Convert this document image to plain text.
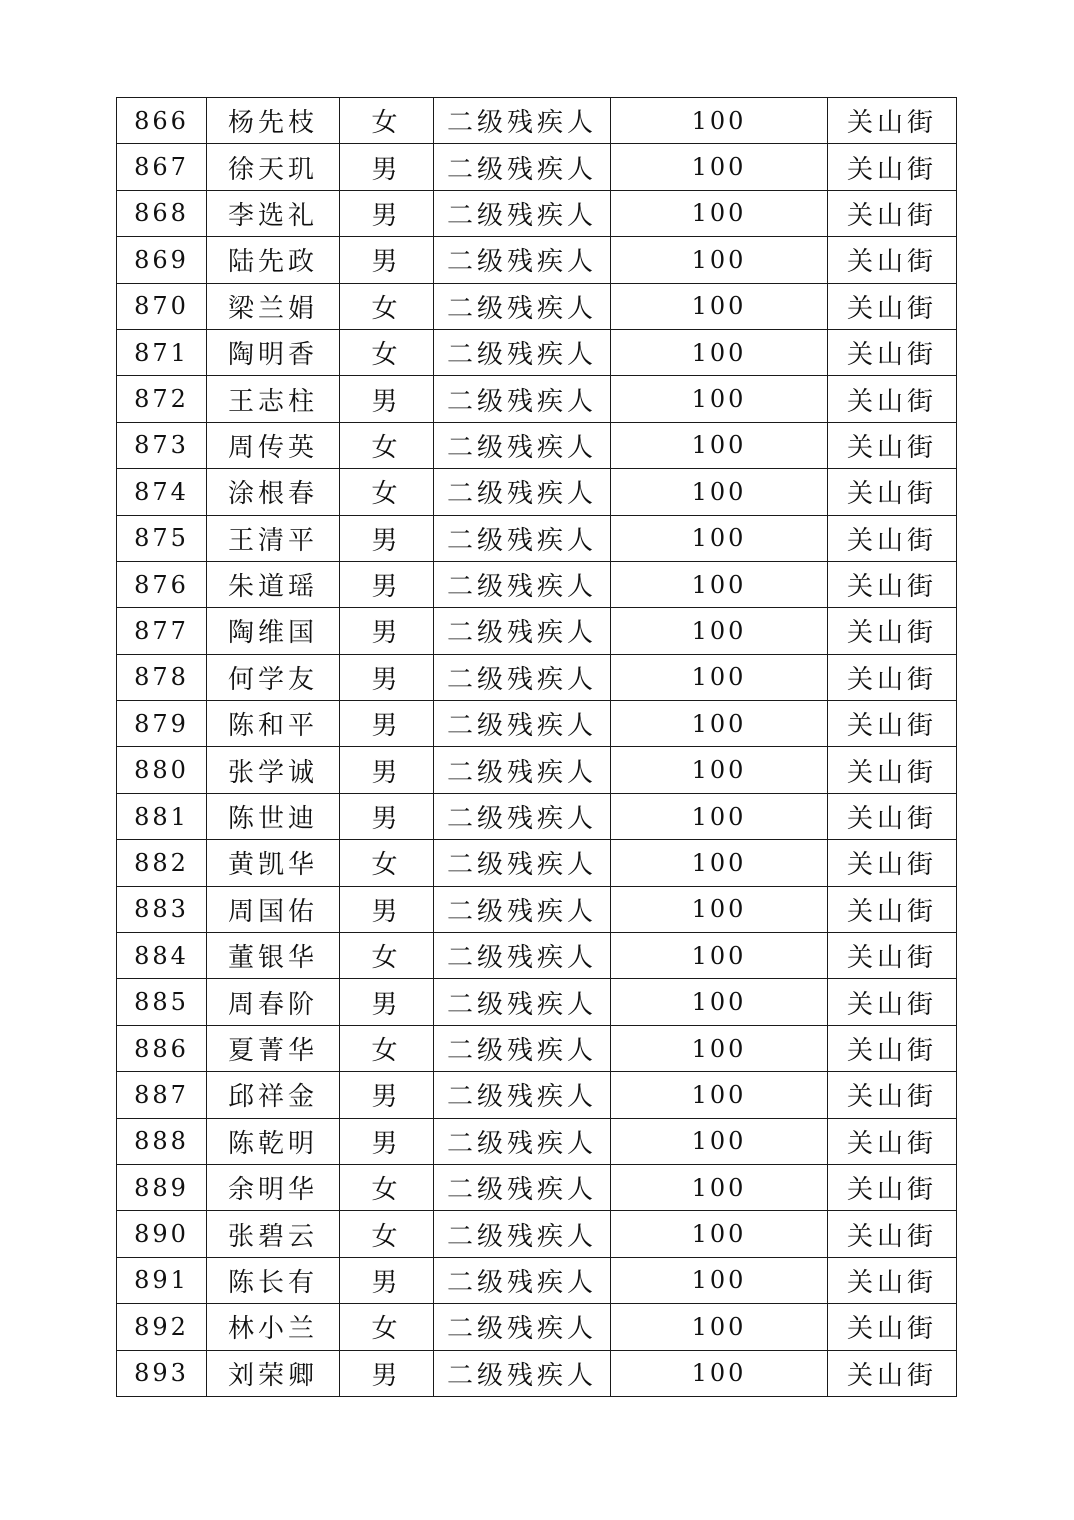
866	杨先枝	女	二级残疾人	100	关山街
867	徐天玑	男	二级残疾人	100	关山街
868	李选礼	男	二级残疾人	100	关山街
869	陆先政	男	二级残疾人	100	关山街
870	梁兰娟	女	二级残疾人	100	关山街
871	陶明香	女	二级残疾人	100	关山街
872	王志柱	男	二级残疾人	100	关山街
873	周传英	女	二级残疾人	100	关山街
874	涂根春	女	二级残疾人	100	关山街
875	王清平	男	二级残疾人	100	关山街
876	朱道瑶	男	二级残疾人	100	关山街
877	陶维国	男	二级残疾人	100	关山街
878	何学友	男	二级残疾人	100	关山街
879	陈和平	男	二级残疾人	100	关山街
880	张学诚	男	二级残疾人	100	关山街
881	陈世迪	男	二级残疾人	100	关山街
882	黄凯华	女	二级残疾人	100	关山街
883	周国佑	男	二级残疾人	100	关山街
884	董银华	女	二级残疾人	100	关山街
885	周春阶	男	二级残疾人	100	关山街
886	夏菁华	女	二级残疾人	100	关山街
887	邱祥金	男	二级残疾人	100	关山街
888	陈乾明	男	二级残疾人	100	关山街
889	余明华	女	二级残疾人	100	关山街
890	张碧云	女	二级残疾人	100	关山街
891	陈长有	男	二级残疾人	100	关山街
892	林小兰	女	二级残疾人	100	关山街
893	刘荣卿	男	二级残疾人	100	关山街
